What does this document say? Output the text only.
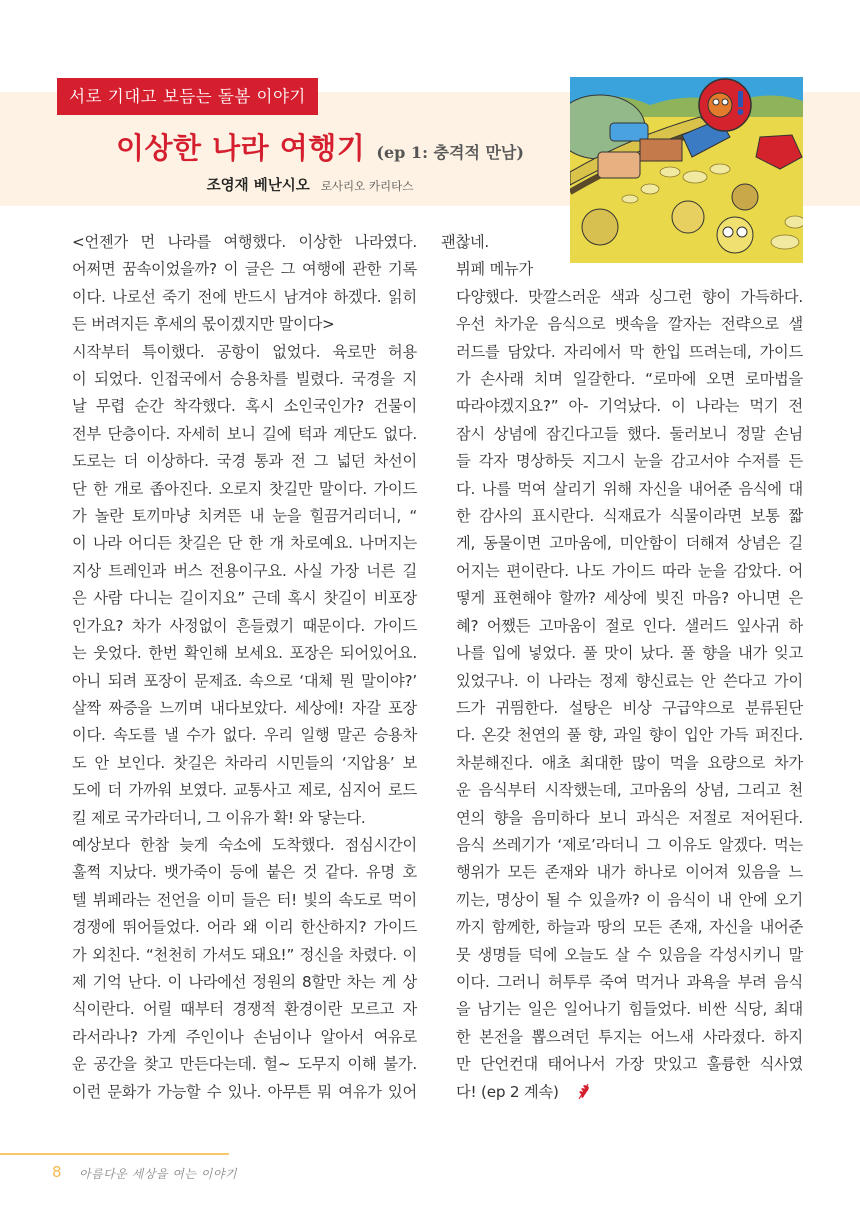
서로 기대고 보듬는 돌봄 이야기
이상한 나라 여행기 (ep 1: 충격적 만남)
조영재 베난시오 로사리오 카리타스

<언젠가 먼 나라를 여행했다. 이상한 나라였다.
어쩌면 꿈속이었을까? 이 글은 그 여행에 관한 기록
이다. 나로선 죽기 전에 반드시 남겨야 하겠다. 읽히
든 버려지든 후세의 몫이겠지만 말이다>

시작부터 특이했다. 공항이 없었다. 육로만 허용
이 되었다. 인접국에서 승용차를 빌렸다. 국경을 지
날 무렵 순간 착각했다. 혹시 소인국인가? 건물이
전부 단층이다. 자세히 보니 길에 턱과 계단도 없다.
도로는 더 이상하다. 국경 통과 전 그 넓던 차선이
단 한 개로 좁아진다. 오로지 찻길만 말이다. 가이드
가 놀란 토끼마냥 치켜뜬 내 눈을 힐끔거리더니, “
이 나라 어디든 찻길은 단 한 개 차로예요. 나머지는
지상 트레인과 버스 전용이구요. 사실 가장 너른 길
은 사람 다니는 길이지요” 근데 혹시 찻길이 비포장
인가요? 차가 사정없이 흔들렸기 때문이다. 가이드
는 웃었다. 한번 확인해 보세요. 포장은 되어있어요.
아니 되려 포장이 문제죠. 속으로 ‘대체 뭔 말이야?’
살짝 짜증을 느끼며 내다보았다. 세상에! 자갈 포장
이다. 속도를 낼 수가 없다. 우리 일행 말곤 승용차
도 안 보인다. 찻길은 차라리 시민들의 ‘지압용’ 보
도에 더 가까워 보였다. 교통사고 제로, 심지어 로드
킬 제로 국가라더니, 그 이유가 확! 와 닿는다.

예상보다 한참 늦게 숙소에 도착했다. 점심시간이
훌쩍 지났다. 뱃가죽이 등에 붙은 것 같다. 유명 호
텔 뷔페라는 전언을 이미 들은 터! 빛의 속도로 먹이
경쟁에 뛰어들었다. 어라 왜 이리 한산하지? 가이드
가 외친다. “천천히 가셔도 돼요!” 정신을 차렸다. 이
제 기억 난다. 이 나라에선 정원의 8할만 차는 게 상
식이란다. 어릴 때부터 경쟁적 환경이란 모르고 자
라서라나? 가게 주인이나 손님이나 알아서 여유로
운 공간을 찾고 만든다는데. 헐~ 도무지 이해 불가.
이런 문화가 가능할 수 있나. 아무튼 뭐 여유가 있어

괜찮네.

뷔페 메뉴가
다양했다. 맛깔스러운 색과 싱그런 향이 가득하다.
우선 차가운 음식으로 뱃속을 깔자는 전략으로 샐
러드를 담았다. 자리에서 막 한입 뜨려는데, 가이드
가 손사래 치며 일갈한다. “로마에 오면 로마법을
따라야겠지요?” 아- 기억났다. 이 나라는 먹기 전
잠시 상념에 잠긴다고들 했다. 둘러보니 정말 손님
들 각자 명상하듯 지그시 눈을 감고서야 수저를 든
다. 나를 먹여 살리기 위해 자신을 내어준 음식에 대
한 감사의 표시란다. 식재료가 식물이라면 보통 짧
게, 동물이면 고마움에, 미안함이 더해져 상념은 길
어지는 편이란다. 나도 가이드 따라 눈을 감았다. 어
떻게 표현해야 할까? 세상에 빚진 마음? 아니면 은
혜? 어쨌든 고마움이 절로 인다. 샐러드 잎사귀 하
나를 입에 넣었다. 풀 맛이 났다. 풀 향을 내가 잊고
있었구나. 이 나라는 정제 향신료는 안 쓴다고 가이
드가 귀띔한다. 설탕은 비상 구급약으로 분류된단
다. 온갖 천연의 풀 향, 과일 향이 입안 가득 퍼진다.
차분해진다. 애초 최대한 많이 먹을 요량으로 차가
운 음식부터 시작했는데, 고마움의 상념, 그리고 천
연의 향을 음미하다 보니 과식은 저절로 저어된다.
음식 쓰레기가 ‘제로’라더니 그 이유도 알겠다. 먹는
행위가 모든 존재와 내가 하나로 이어져 있음을 느
끼는, 명상이 될 수 있을까? 이 음식이 내 안에 오기
까지 함께한, 하늘과 땅의 모든 존재, 자신을 내어준
뭇 생명들 덕에 오늘도 살 수 있음을 각성시키니 말
이다. 그러니 허투루 죽여 먹거나 과욕을 부려 음식
을 남기는 일은 일어나기 힘들었다. 비싼 식당, 최대
한 본전을 뽑으려던 투지는 어느새 사라졌다. 하지
만 단언컨대 태어나서 가장 맛있고 훌륭한 식사였
다! (ep 2 계속)

8 아름다운 세상을 여는 이야기
